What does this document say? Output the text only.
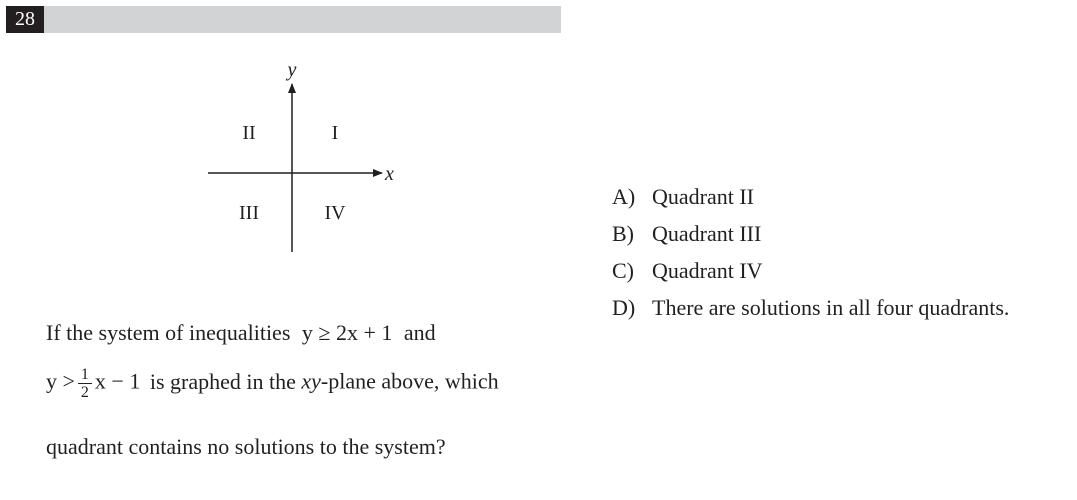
28
y
x
II	I
III	IV
If the system of inequalities y ≥ 2x + 1 and
$y > \frac{1}{2}$ x − 1 is graphed in the xy-plane above, which
quadrant contains no solutions to the system?
A) Quadrant II
B) Quadrant III
C) Quadrant IV
D) There are solutions in all four quadrants.
